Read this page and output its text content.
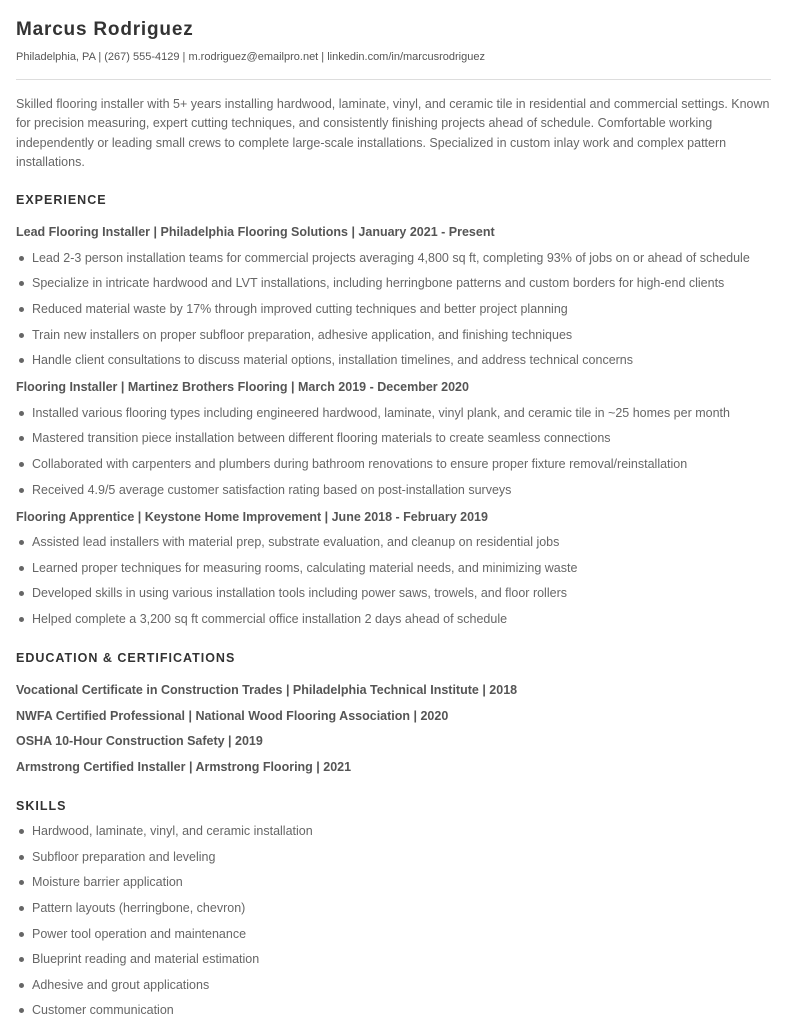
Marcus Rodriguez
Philadelphia, PA | (267) 555-4129 | m.rodriguez@emailpro.net | linkedin.com/in/marcusrodriguez
Skilled flooring installer with 5+ years installing hardwood, laminate, vinyl, and ceramic tile in residential and commercial settings. Known for precision measuring, expert cutting techniques, and consistently finishing projects ahead of schedule. Comfortable working independently or leading small crews to complete large-scale installations. Specialized in custom inlay work and complex pattern installations.
EXPERIENCE
Lead Flooring Installer | Philadelphia Flooring Solutions | January 2021 - Present
Lead 2-3 person installation teams for commercial projects averaging 4,800 sq ft, completing 93% of jobs on or ahead of schedule
Specialize in intricate hardwood and LVT installations, including herringbone patterns and custom borders for high-end clients
Reduced material waste by 17% through improved cutting techniques and better project planning
Train new installers on proper subfloor preparation, adhesive application, and finishing techniques
Handle client consultations to discuss material options, installation timelines, and address technical concerns
Flooring Installer | Martinez Brothers Flooring | March 2019 - December 2020
Installed various flooring types including engineered hardwood, laminate, vinyl plank, and ceramic tile in ~25 homes per month
Mastered transition piece installation between different flooring materials to create seamless connections
Collaborated with carpenters and plumbers during bathroom renovations to ensure proper fixture removal/reinstallation
Received 4.9/5 average customer satisfaction rating based on post-installation surveys
Flooring Apprentice | Keystone Home Improvement | June 2018 - February 2019
Assisted lead installers with material prep, substrate evaluation, and cleanup on residential jobs
Learned proper techniques for measuring rooms, calculating material needs, and minimizing waste
Developed skills in using various installation tools including power saws, trowels, and floor rollers
Helped complete a 3,200 sq ft commercial office installation 2 days ahead of schedule
EDUCATION & CERTIFICATIONS
Vocational Certificate in Construction Trades | Philadelphia Technical Institute | 2018
NWFA Certified Professional | National Wood Flooring Association | 2020
OSHA 10-Hour Construction Safety | 2019
Armstrong Certified Installer | Armstrong Flooring | 2021
SKILLS
Hardwood, laminate, vinyl, and ceramic installation
Subfloor preparation and leveling
Moisture barrier application
Pattern layouts (herringbone, chevron)
Power tool operation and maintenance
Blueprint reading and material estimation
Adhesive and grout applications
Customer communication
